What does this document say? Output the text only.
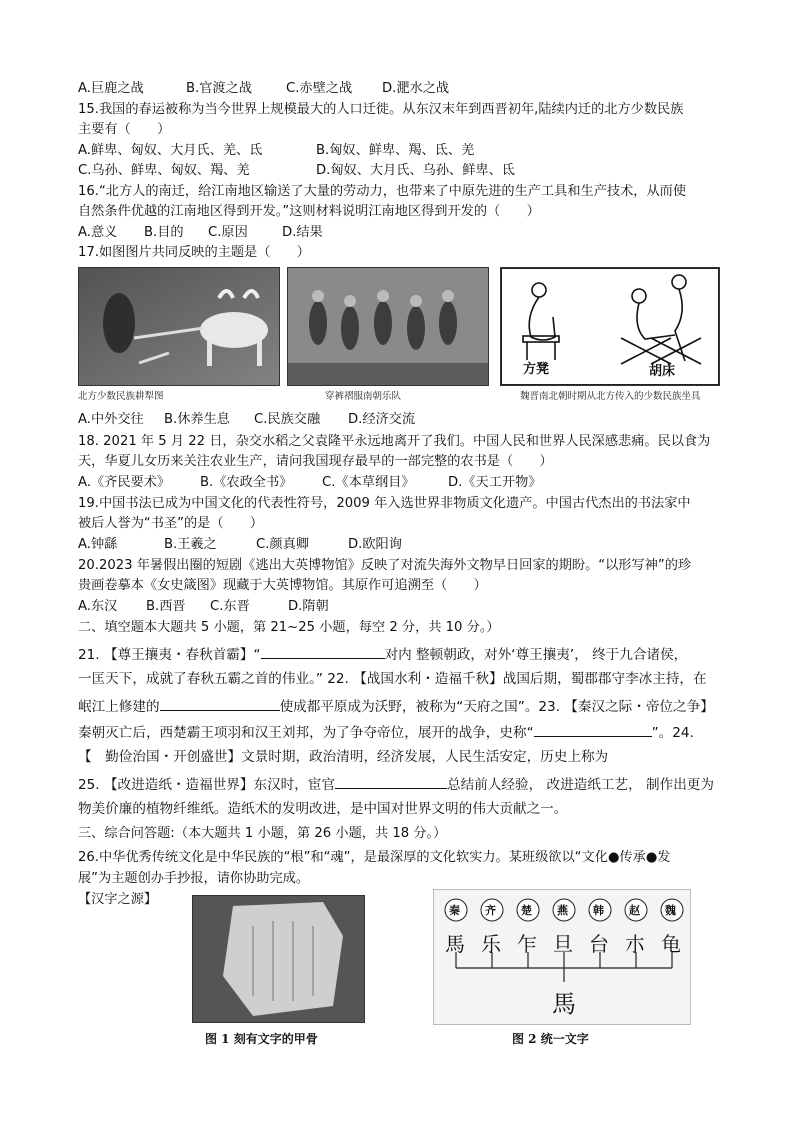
A.巨鹿之战	B.官渡之战	C.赤壁之战 D.淝水之战
15.我国的春运被称为当今世界上规模最大的人口迁徙。从东汉末年到西晋初年,陆续内迁的北方少数民族
主要有（　　）
A.鲜卑、匈奴、大月氏、羌、氐	B.匈奴、鲜卑、羯、氐、羌
C.乌孙、鲜卑、匈奴、羯、羌	D.匈奴、大月氏、乌孙、鲜卑、氐
16.“北方人的南迁，给江南地区输送了大量的劳动力，也带来了中原先进的生产工具和生产技术，从而使
自然条件优越的江南地区得到开发。”这则材料说明江南地区得到开发的（　　）
A.意义 B.目的 C.原因	D.结果
17.如图图片共同反映的主题是（　　）
方凳	胡床
北方少数民族耕犁图	穿裤褶服南朝乐队	魏晋南北朝时期从北方传入的少数民族坐具
A.中外交往 B.休养生息 C.民族交融 D.经济交流
18. 2021 年 5 月 22 日，杂交水稻之父袁隆平永远地离开了我们。中国人民和世界人民深感悲痛。民以食为
天，华夏儿女历来关注农业生产，请问我国现存最早的一部完整的农书是（　　）
A.《齐民要术》 B.《农政全书》 C.《本草纲目》	D.《天工开物》
19.中国书法已成为中国文化的代表性符号，2009 年入选世界非物质文化遗产。中国古代杰出的书法家中
被后人誉为“书圣”的是（　　）
A.钟繇	B.王羲之	C.颜真卿	D.欧阳询
20.2023 年暑假出圈的短剧《逃出大英博物馆》反映了对流失海外文物早日回家的期盼。“以形写神”的珍
贵画卷摹本《女史箴图》现藏于大英博物馆。其原作可追溯至（　　）
A.东汉 B.西晋 C.东晋	D.隋朝
二、填空题本大题共 5 小题，第 21~25 小题，每空 2 分，共 10 分。）
21. 【尊王攘夷・春秋首霸】“	对内 整顿朝政，对外‘尊王攘夷’， 终于九合诸侯，
一匡天下，成就了春秋五霸之首的伟业。” 22. 【战国水利・造福千秋】战国后期，蜀郡郡守李冰主持，在
岷江上修建的	使成都平原成为沃野，被称为“天府之国”。23. 【秦汉之际・帝位之争】
秦朝灭亡后，西楚霸王项羽和汉王刘邦，为了争夺帝位，展开的战争，史称“	”。24.
【　勤俭治国・开创盛世】文景时期，政治清明，经济发展，人民生活安定，历史上称为
25. 【改进造纸・造福世界】东汉时，宦官	总结前人经验， 改进造纸工艺， 制作出更为
物美价廉的植物纤维纸。造纸术的发明改进，是中国对世界文明的伟大贡献之一。
三、综合问答题:（本大题共 1 小题，第 26 小题，共 18 分。）
26.中华优秀传统文化是中华民族的“根”和“魂”，是最深厚的文化软实力。某班级欲以“文化●传承●发
展”为主题创办手抄报，请你协助完成。
【汉字之源】
图 1 刻有文字的甲骨
秦 齐 楚 燕 韩 赵 魏
馬 乐 乍 旦 台 朩 龟
馬
图 2 统一文字
